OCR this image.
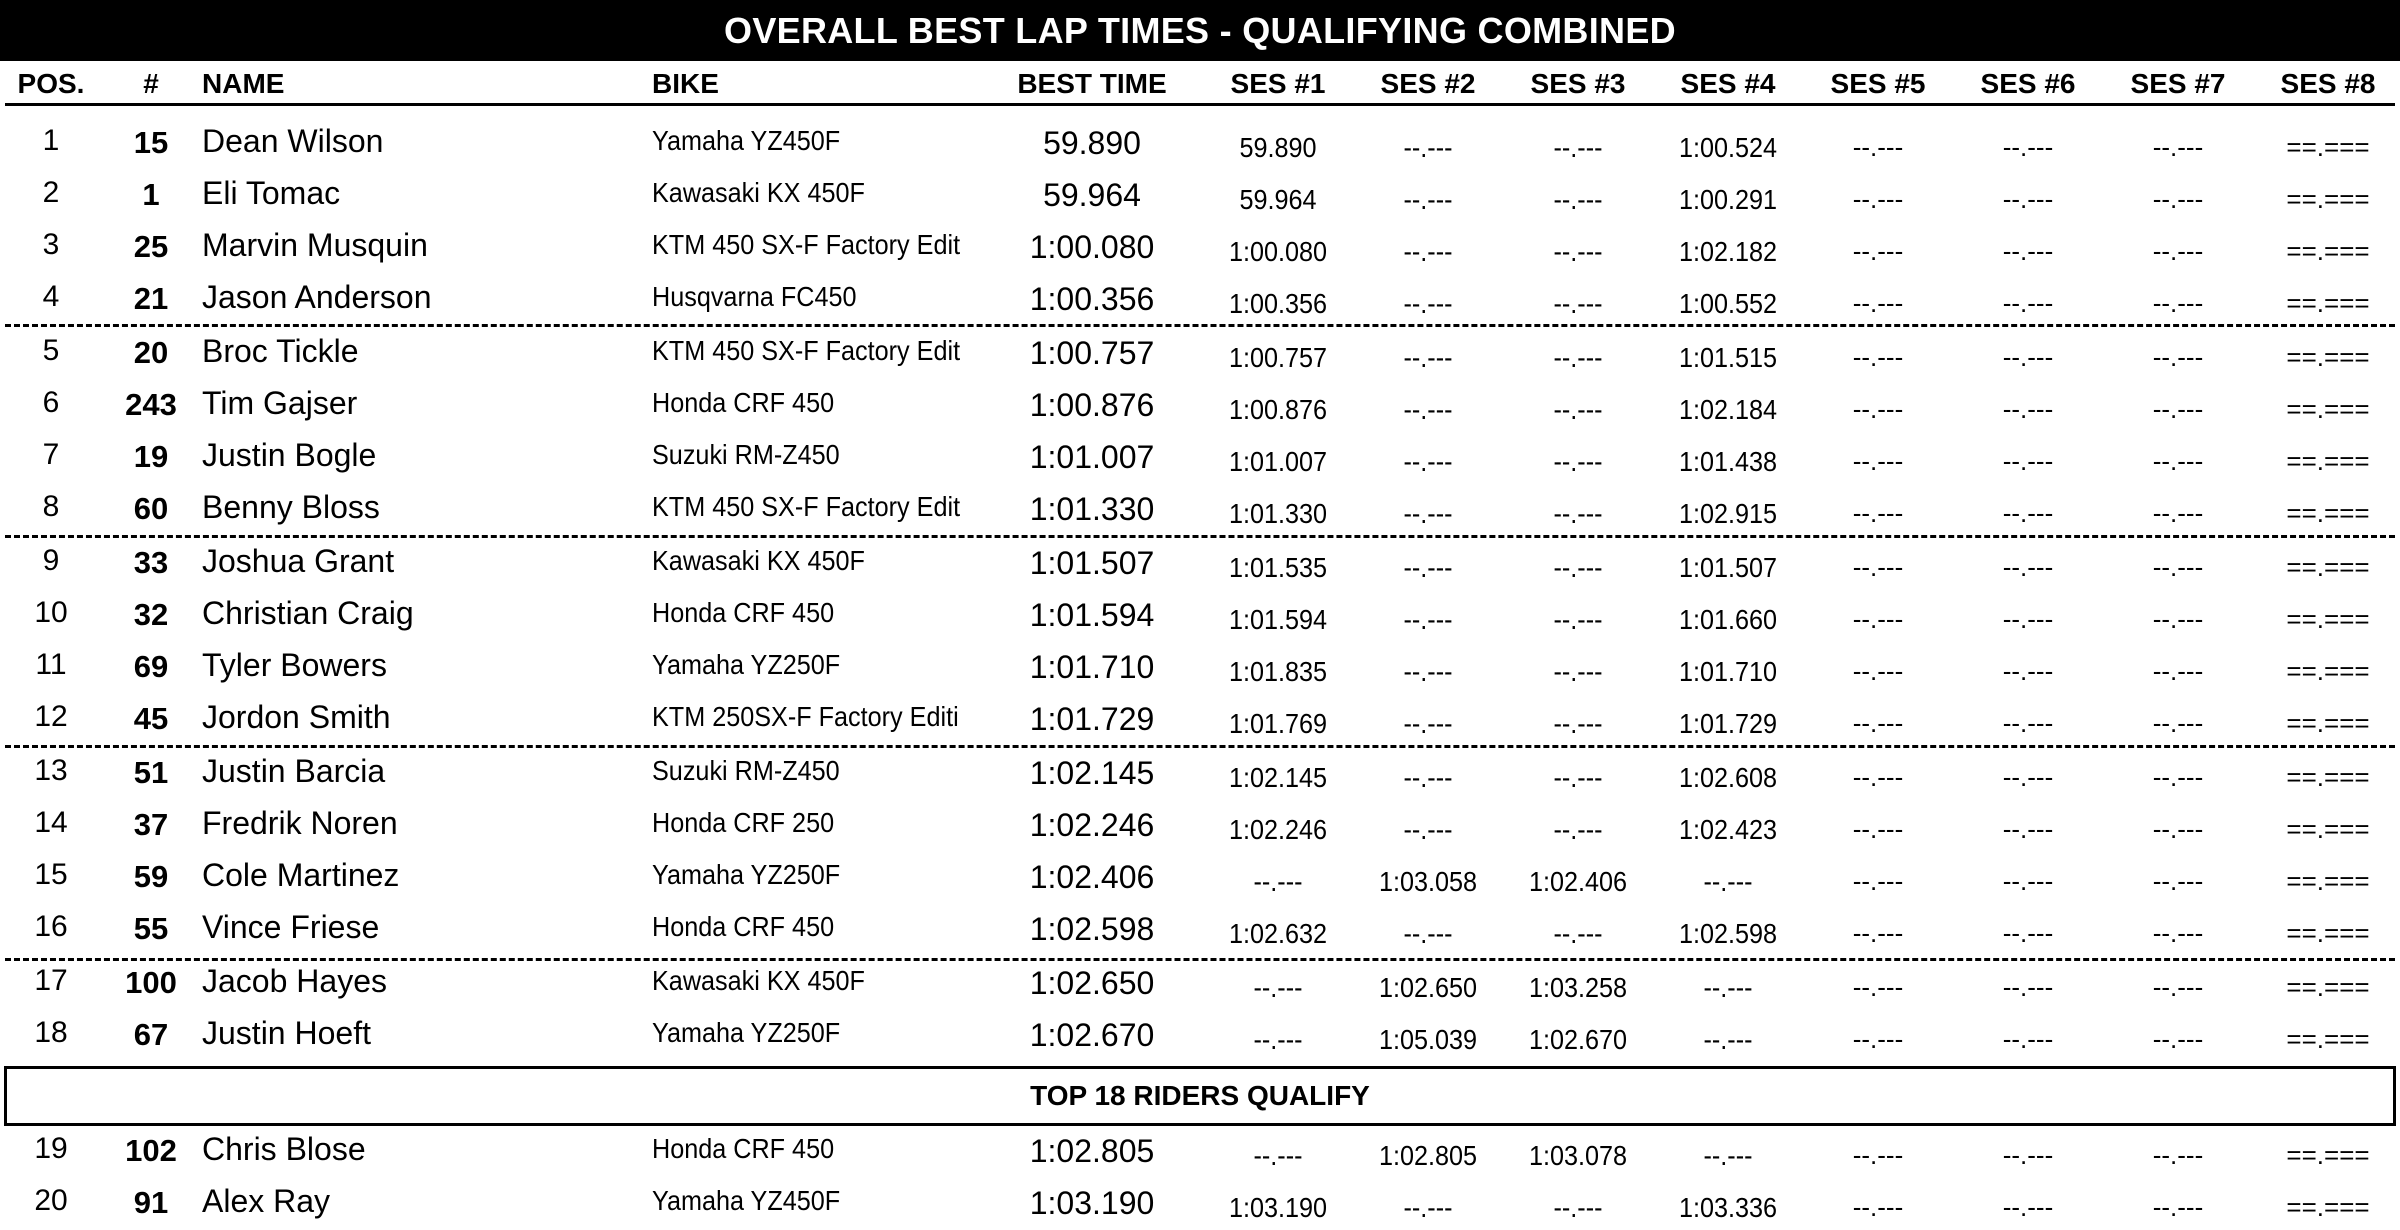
OVERALL BEST LAP TIMES - QUALIFYING COMBINED
POS.	#	NAME	BIKE	BEST TIME	SES #1	SES #2	SES #3	SES #4	SES #5	SES #6	SES #7	SES #8
1	15	Dean Wilson	Yamaha YZ450F	59.890	59.890	--.---	--.---	1:00.524	--.---	--.---	--.---	==.===
2	1	Eli Tomac	Kawasaki KX 450F	59.964	59.964	--.---	--.---	1:00.291	--.---	--.---	--.---	==.===
3	25	Marvin Musquin	KTM 450 SX-F Factory Edit	1:00.080	1:00.080	--.---	--.---	1:02.182	--.---	--.---	--.---	==.===
4	21	Jason Anderson	Husqvarna FC450	1:00.356	1:00.356	--.---	--.---	1:00.552	--.---	--.---	--.---	==.===
5	20	Broc Tickle	KTM 450 SX-F Factory Edit	1:00.757	1:00.757	--.---	--.---	1:01.515	--.---	--.---	--.---	==.===
6	243 Tim Gajser	Honda CRF 450	1:00.876	1:00.876	--.---	--.---	1:02.184	--.---	--.---	--.---	==.===
7	19	Justin Bogle	Suzuki RM-Z450	1:01.007	1:01.007	--.---	--.---	1:01.438	--.---	--.---	--.---	==.===
8	60	Benny Bloss	KTM 450 SX-F Factory Edit	1:01.330	1:01.330	--.---	--.---	1:02.915	--.---	--.---	--.---	==.===
9	33	Joshua Grant	Kawasaki KX 450F	1:01.507	1:01.535	--.---	--.---	1:01.507	--.---	--.---	--.---	==.===
10	32	Christian Craig	Honda CRF 450	1:01.594	1:01.594	--.---	--.---	1:01.660	--.---	--.---	--.---	==.===
11	69	Tyler Bowers	Yamaha YZ250F	1:01.710	1:01.835	--.---	--.---	1:01.710	--.---	--.---	--.---	==.===
12	45	Jordon Smith	KTM 250SX-F Factory Editi	1:01.729	1:01.769	--.---	--.---	1:01.729	--.---	--.---	--.---	==.===
13	51	Justin Barcia	Suzuki RM-Z450	1:02.145	1:02.145	--.---	--.---	1:02.608	--.---	--.---	--.---	==.===
14	37	Fredrik Noren	Honda CRF 250	1:02.246	1:02.246	--.---	--.---	1:02.423	--.---	--.---	--.---	==.===
15	59	Cole Martinez	Yamaha YZ250F	1:02.406	--.---	1:03.058	1:02.406	--.---	--.---	--.---	--.---	==.===
16	55	Vince Friese	Honda CRF 450	1:02.598	1:02.632	--.---	--.---	1:02.598	--.---	--.---	--.---	==.===
17	100 Jacob Hayes	Kawasaki KX 450F	1:02.650	--.---	1:02.650	1:03.258	--.---	--.---	--.---	--.---	==.===
18	67	Justin Hoeft	Yamaha YZ250F	1:02.670	--.---	1:05.039	1:02.670	--.---	--.---	--.---	--.---	==.===
19	102 Chris Blose	Honda CRF 450	1:02.805	--.---	1:02.805	1:03.078	--.---	--.---	--.---	--.---	==.===
20	91	Alex Ray	Yamaha YZ450F	1:03.190	1:03.190	--.---	--.---	1:03.336	--.---	--.---	--.---	==.===
TOP 18 RIDERS QUALIFY
